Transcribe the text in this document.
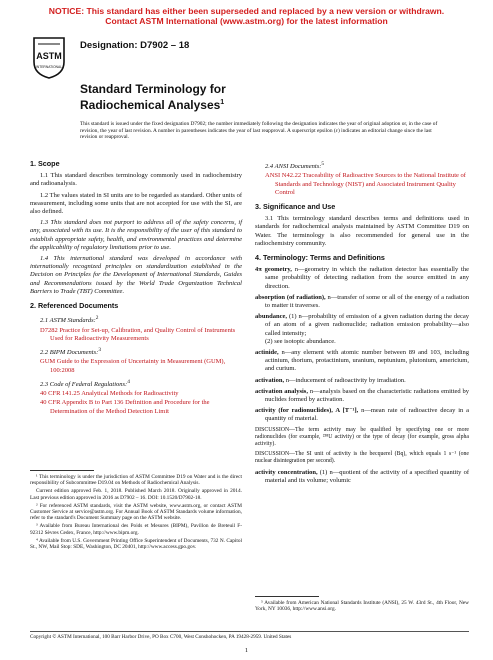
NOTICE: This standard has either been superseded and replaced by a new version or withdrawn.
Contact ASTM International (www.astm.org) for the latest information
ASTM
INTERNATIONAL
Designation: D7902 – 18
Standard Terminology for
Radiochemical Analyses$^1$
This standard is issued under the fixed designation D7902; the number immediately following the designation indicates the year of original adoption or, in the case of revision, the year of last revision. A number in parentheses indicates the year of last reapproval. A superscript epsilon (ε) indicates an editorial change since the last revision or reapproval.
1. Scope

1.1 This standard describes terminology commonly used in radiochemistry and radioanalysis.

1.2 The values stated in SI units are to be regarded as standard. Other units of measurement, including some units that are not accepted for use with the SI, are also defined.

1.3 This standard does not purport to address all of the safety concerns, if any, associated with its use. It is the responsibility of the user of this standard to establish appropriate safety, health, and environmental practices and determine the applicability of regulatory limitations prior to use.

1.4 This international standard was developed in accordance with internationally recognized principles on standardization established in the Decision on Principles for the Development of International Standards, Guides and Recommendations issued by the World Trade Organization Technical Barriers to Trade (TBT) Committee.

2. Referenced Documents
2.1 ASTM Standards:$^2$
D7282 Practice for Set-up, Calibration, and Quality Control of Instruments Used for Radioactivity Measurements
2.2 BIPM Documents:$^3$
GUM Guide to the Expression of Uncertainty in Measurement (GUM), 100:2008
2.3 Code of Federal Regulations:$^4$
40 CFR 141.25 Analytical Methods for Radioactivity
40 CFR Appendix B to Part 136 Definition and Procedure for the Determination of the Method Detection Limit
2.4 ANSI Documents:$^5$
ANSI N42.22 Traceability of Radioactive Sources to the National Institute of Standards and Technology (NIST) and Associated Instrument Quality Control
3. Significance and Use

3.1 This terminology standard describes terms and definitions used in standards for radiochemical analysis maintained by ASTM Committee D19 on Water. The terminology is also recommended for general use in the radiochemistry community.

4. Terminology: Terms and Definitions

4π geometry, n—geometry in which the radiation detector has essentially the same probability of detecting radiation from the source emitted in any direction.

absorption (of radiation), n—transfer of some or all of the energy of a radiation to matter it traverses.

abundance, (1) n—probability of emission of a given radiation during the decay of an atom of a given radionuclide; radiation emission probability—also called intensity;

(2) see isotopic abundance.

actinide, n—any element with atomic number between 89 and 103, including actinium, thorium, protactinium, uranium, neptunium, plutonium, americium, and curium.

activation, n—inducement of radioactivity by irradiation.

activation analysis, n—analysis based on the characteristic radiations emitted by nuclides formed by activation.

activity (for radionuclides), A [T⁻¹], n—mean rate of radioactive decay in a quantity of material.

DISCUSSION—The term activity may be qualified by specifying one or more radionuclides (for example, ²³⁸U activity) or the type of decay (for example, gross alpha activity).

DISCUSSION—The SI unit of activity is the becquerel (Bq), which equals 1 s⁻¹ (one nuclear disintegration per second).

activity concentration, (1) n—quotient of the activity of a specified quantity of material and its volume; volumic

¹ This terminology is under the jurisdiction of ASTM Committee D19 on Water and is the direct responsibility of Subcommittee D19.04 on Methods of Radiochemical Analysis.

Current edition approved Feb. 1, 2018. Published March 2018. Originally approved in 2014. Last previous edition approved in 2016 as D7902 – 16. DOI: 10.1520/D7902-18.

² For referenced ASTM standards, visit the ASTM website, www.astm.org, or contact ASTM Customer Service at service@astm.org. For Annual Book of ASTM Standards volume information, refer to the standard's Document Summary page on the ASTM website.

³ Available from Bureau International des Poids et Mesures (BIPM), Pavillon de Breteuil F-92312 Sèvres Cedex, France, http://www.bipm.org.

⁴ Available from U.S. Government Printing Office Superintendent of Documents, 732 N. Capitol St., NW, Mail Stop: SDE, Washington, DC 20401, http://www.access.gpo.gov.

⁵ Available from American National Standards Institute (ANSI), 25 W. 43rd St., 4th Floor, New York, NY 10036, http://www.ansi.org.

Copyright © ASTM International, 100 Barr Harbor Drive, PO Box C700, West Conshohocken, PA 19428-2959. United States
1
